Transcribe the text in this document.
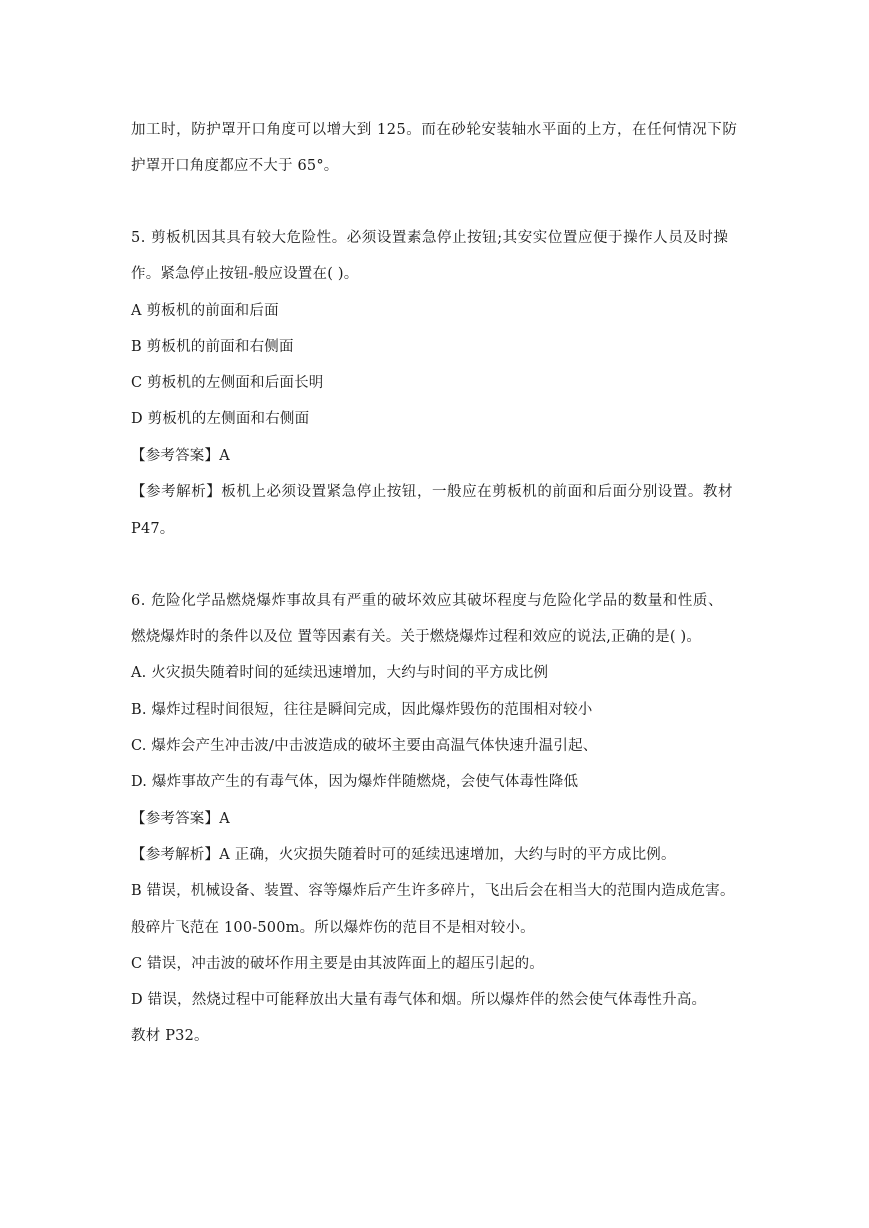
加工时，防护罩开口角度可以增大到 125。而在砂轮安装轴水平面的上方，在任何情况下防
护罩开口角度都应不大于 65°。
5. 剪板机因其具有较大危险性。必须设置素急停止按钮;其安实位置应便于操作人员及时操
作。紧急停止按钮-般应设置在( )。
A 剪板机的前面和后面
B 剪板机的前面和右侧面
C 剪板机的左侧面和后面长明
D 剪板机的左侧面和右侧面
【参考答案】A
【参考解析】板机上必须设置紧急停止按钮，一般应在剪板机的前面和后面分别设置。教材
P47。
6. 危险化学品燃烧爆炸事故具有严重的破坏效应其破坏程度与危险化学品的数量和性质、
燃烧爆炸时的条件以及位 置等因素有关。关于燃烧爆炸过程和效应的说法,正确的是( )。
A. 火灾损失随着时间的延续迅速增加，大约与时间的平方成比例
B. 爆炸过程时间很短，往往是瞬间完成，因此爆炸毁伤的范围相对较小
C. 爆炸会产生冲击波/中击波造成的破坏主要由高温气体快速升温引起、
D. 爆炸事故产生的有毒气体，因为爆炸伴随燃烧，会使气体毒性降低
【参考答案】A
【参考解析】A 正确，火灾损失随着时可的延续迅速增加，大约与时的平方成比例。
B 错误，机械设备、装置、容等爆炸后产生许多碎片，飞出后会在相当大的范围内造成危害。
般碎片飞范在 100-500m。所以爆炸伤的范目不是相对较小。
C 错误，冲击波的破坏作用主要是由其波阵面上的超压引起的。
D 错误，然烧过程中可能释放出大量有毒气体和烟。所以爆炸伴的然会使气体毒性升高。
教材 P32。
